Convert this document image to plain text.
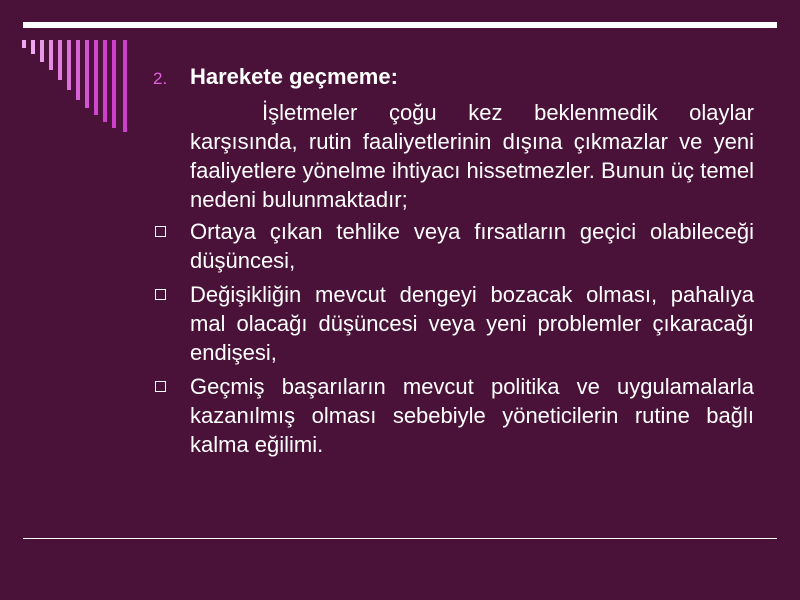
2.	Harekete geçmeme:
İşletmeler çoğu kez beklenmedik olaylar karşısında, rutin faaliyetlerinin dışına çıkmazlar ve yeni faaliyetlere yönelme ihtiyacı hissetmezler. Bunun üç temel nedeni bulunmaktadır;
Ortaya çıkan tehlike veya fırsatların geçici olabileceği düşüncesi,
Değişikliğin mevcut dengeyi bozacak olması, pahalıya mal olacağı düşüncesi veya yeni problemler çıkaracağı endişesi,
Geçmiş başarıların mevcut politika ve uygulamalarla kazanılmış olması sebebiyle yöneticilerin rutine bağlı kalma eğilimi.
